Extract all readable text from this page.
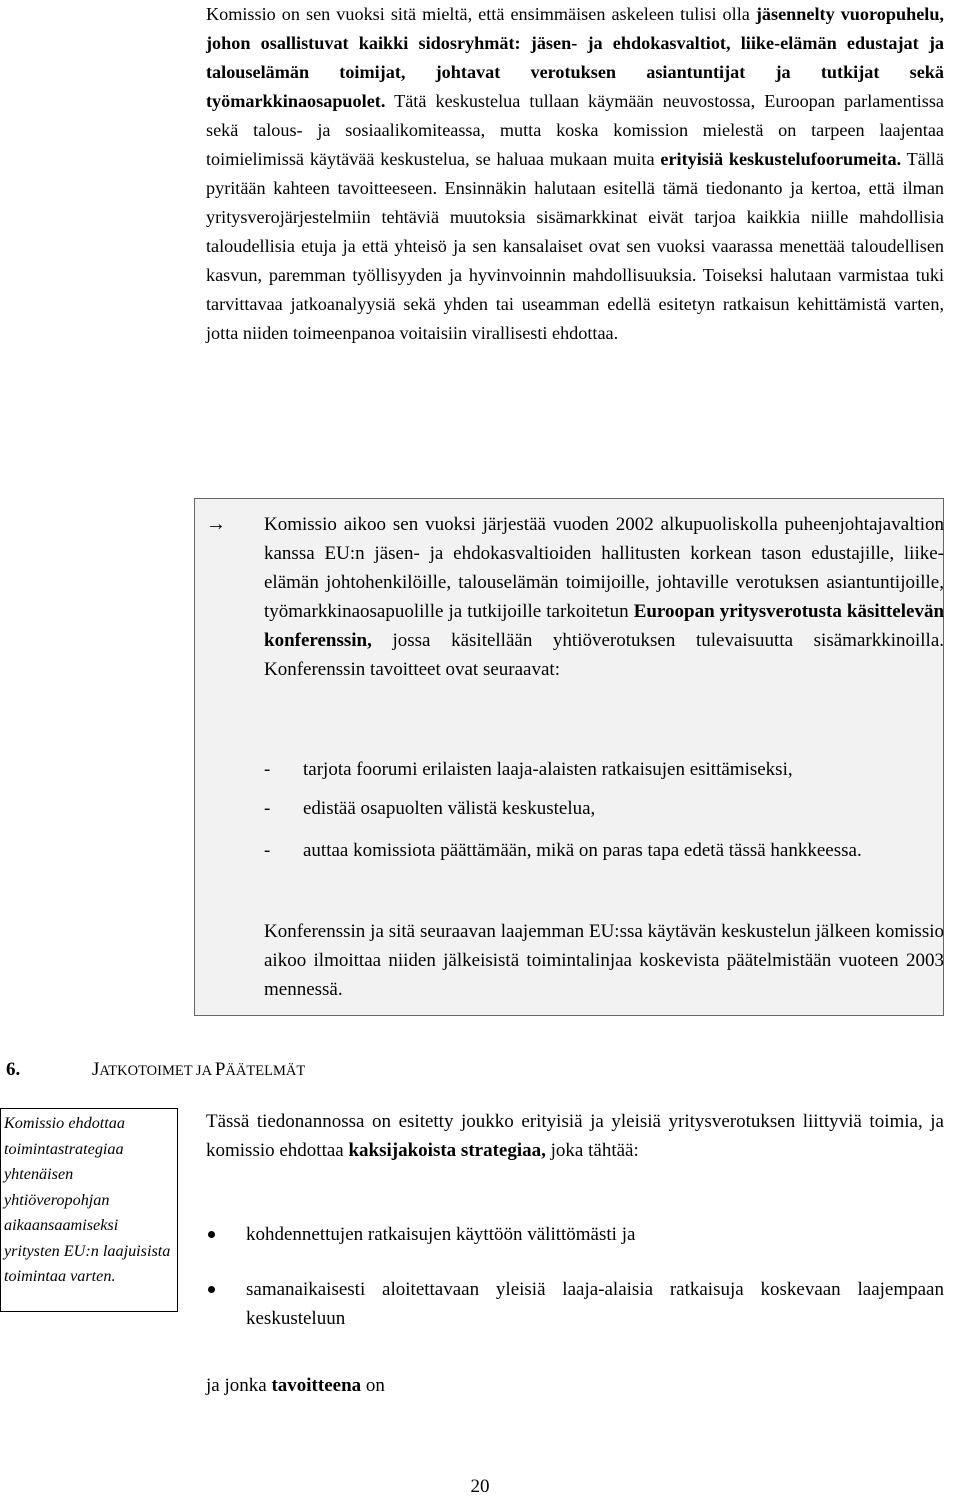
Komissio on sen vuoksi sitä mieltä, että ensimmäisen askeleen tulisi olla jäsennelty vuoropuhelu, johon osallistuvat kaikki sidosryhmät: jäsen- ja ehdokasvaltiot, liike-elämän edustajat ja talouselämän toimijat, johtavat verotuksen asiantuntijat ja tutkijat sekä työmarkkinaosapuolet. Tätä keskustelua tullaan käymään neuvostossa, Euroopan parlamentissa sekä talous- ja sosiaalikomiteassa, mutta koska komission mielestä on tarpeen laajentaa toimielimissä käytävää keskustelua, se haluaa mukaan muita erityisiä keskustelufoorumeita. Tällä pyritään kahteen tavoitteeseen. Ensinnäkin halutaan esitellä tämä tiedonanto ja kertoa, että ilman yritysverojärjestelmiin tehtäviä muutoksia sisämarkkinat eivät tarjoa kaikkia niille mahdollisia taloudellisia etuja ja että yhteisö ja sen kansalaiset ovat sen vuoksi vaarassa menettää taloudellisen kasvun, paremman työllisyyden ja hyvinvoinnin mahdollisuuksia. Toiseksi halutaan varmistaa tuki tarvittavaa jatkoanalyysiä sekä yhden tai useamman edellä esitetyn ratkaisun kehittämistä varten, jotta niiden toimeenpanoa voitaisiin virallisesti ehdottaa.
→ Komissio aikoo sen vuoksi järjestää vuoden 2002 alkupuoliskolla puheenjohtajavaltion kanssa EU:n jäsen- ja ehdokasvaltioiden hallitusten korkean tason edustajille, liike-elämän johtohenkilöille, talouselämän toimijoille, johtaville verotuksen asiantuntijoille, työmarkkinaosapuolille ja tutkijoille tarkoitetun Euroopan yritysverotusta käsittelevän konferenssin, jossa käsitellään yhtiöverotuksen tulevaisuutta sisämarkkinoilla. Konferenssin tavoitteet ovat seuraavat:
- tarjota foorumi erilaisten laaja-alaisten ratkaisujen esittämiseksi,
- edistää osapuolten välistä keskustelua,
- auttaa komissiota päättämään, mikä on paras tapa edetä tässä hankkeessa.
Konferenssin ja sitä seuraavan laajemman EU:ssa käytävän keskustelun jälkeen komissio aikoo ilmoittaa niiden jälkeisistä toimintalinjaa koskevista päätelmistään vuoteen 2003 mennessä.
6.	JATKOTOIMET JA PÄÄTELMÄT
Komissio ehdottaa toimintastrategiaa yhtenäisen yhtiöveropohjan aikaansaamiseksi yritysten EU:n laajuisista toimintaa varten.
Tässä tiedonannossa on esitetty joukko erityisiä ja yleisiä yritysverotuksen liittyviä toimia, ja komissio ehdottaa kaksijakoista strategiaa, joka tähtää:
kohdennettujen ratkaisujen käyttöön välittömästi ja
samanaikaisesti aloitettavaan yleisiä laaja-alaisia ratkaisuja koskevaan laajempaan keskusteluun
ja jonka tavoitteena on
20
